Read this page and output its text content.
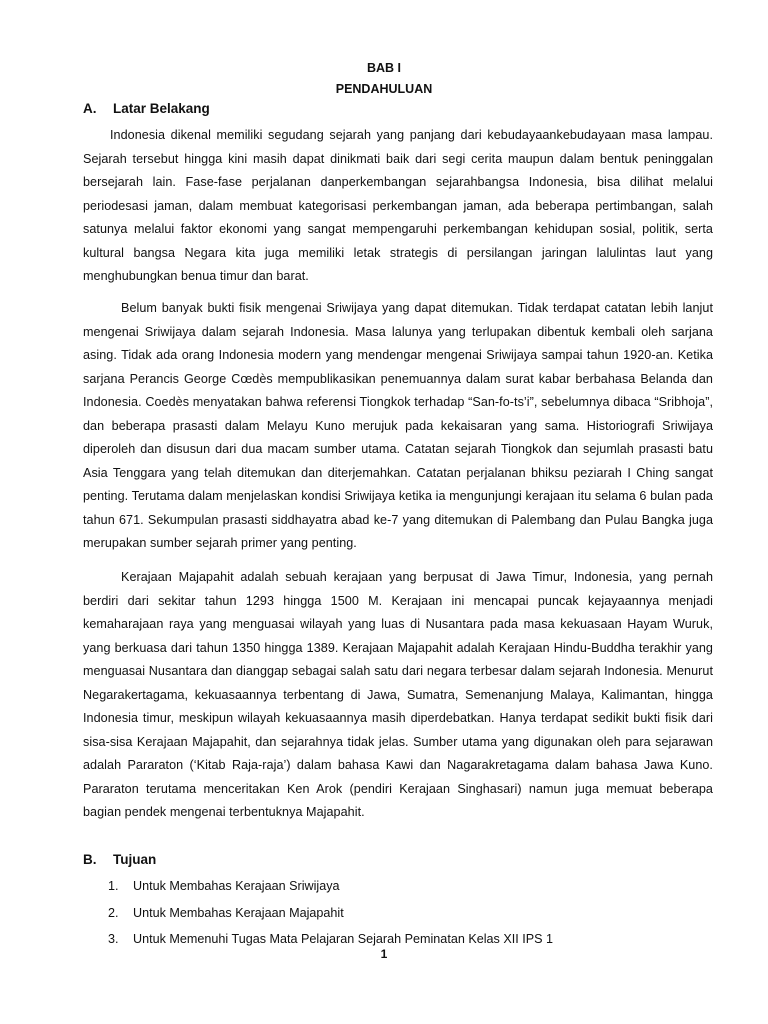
BAB I
PENDAHULUAN
A. Latar Belakang

Indonesia dikenal memiliki segudang sejarah yang panjang dari kebudayaankebudayaan masa lampau. Sejarah tersebut hingga kini masih dapat dinikmati baik dari segi cerita maupun dalam bentuk peninggalan bersejarah lain. Fase-fase perjalanan danperkembangan sejarahbangsa Indonesia, bisa dilihat melalui periodesasi jaman, dalam membuat kategorisasi perkembangan jaman, ada beberapa pertimbangan, salah satunya melalui faktor ekonomi yang sangat mempengaruhi perkembangan kehidupan sosial, politik, serta kultural bangsa Negara kita juga memiliki letak strategis di persilangan jaringan lalulintas laut yang menghubungkan benua timur dan barat.

Belum banyak bukti fisik mengenai Sriwijaya yang dapat ditemukan. Tidak terdapat catatan lebih lanjut mengenai Sriwijaya dalam sejarah Indonesia. Masa lalunya yang terlupakan dibentuk kembali oleh sarjana asing. Tidak ada orang Indonesia modern yang mendengar mengenai Sriwijaya sampai tahun 1920-an. Ketika sarjana Perancis George Cœdès mempublikasikan penemuannya dalam surat kabar berbahasa Belanda dan Indonesia. Coedès menyatakan bahwa referensi Tiongkok terhadap “San-fo-ts’i”, sebelumnya dibaca “Sribhoja”, dan beberapa prasasti dalam Melayu Kuno merujuk pada kekaisaran yang sama. Historiografi Sriwijaya diperoleh dan disusun dari dua macam sumber utama. Catatan sejarah Tiongkok dan sejumlah prasasti batu Asia Tenggara yang telah ditemukan dan diterjemahkan. Catatan perjalanan bhiksu peziarah I Ching sangat penting. Terutama dalam menjelaskan kondisi Sriwijaya ketika ia mengunjungi kerajaan itu selama 6 bulan pada tahun 671. Sekumpulan prasasti siddhayatra abad ke-7 yang ditemukan di Palembang dan Pulau Bangka juga merupakan sumber sejarah primer yang penting.

Kerajaan Majapahit adalah sebuah kerajaan yang berpusat di Jawa Timur, Indonesia, yang pernah berdiri dari sekitar tahun 1293 hingga 1500 M. Kerajaan ini mencapai puncak kejayaannya menjadi kemaharajaan raya yang menguasai wilayah yang luas di Nusantara pada masa kekuasaan Hayam Wuruk, yang berkuasa dari tahun 1350 hingga 1389. Kerajaan Majapahit adalah Kerajaan Hindu-Buddha terakhir yang menguasai Nusantara dan dianggap sebagai salah satu dari negara terbesar dalam sejarah Indonesia. Menurut Negarakertagama, kekuasaannya terbentang di Jawa, Sumatra, Semenanjung Malaya, Kalimantan, hingga Indonesia timur, meskipun wilayah kekuasaannya masih diperdebatkan. Hanya terdapat sedikit bukti fisik dari sisa-sisa Kerajaan Majapahit, dan sejarahnya tidak jelas. Sumber utama yang digunakan oleh para sejarawan adalah Pararaton (‘Kitab Raja-raja’) dalam bahasa Kawi dan Nagarakretagama dalam bahasa Jawa Kuno. Pararaton terutama menceritakan Ken Arok (pendiri Kerajaan Singhasari) namun juga memuat beberapa bagian pendek mengenai terbentuknya Majapahit.

B. Tujuan
1. Untuk Membahas Kerajaan Sriwijaya
2. Untuk Membahas Kerajaan Majapahit
3. Untuk Memenuhi Tugas Mata Pelajaran Sejarah Peminatan Kelas XII IPS 1
1
